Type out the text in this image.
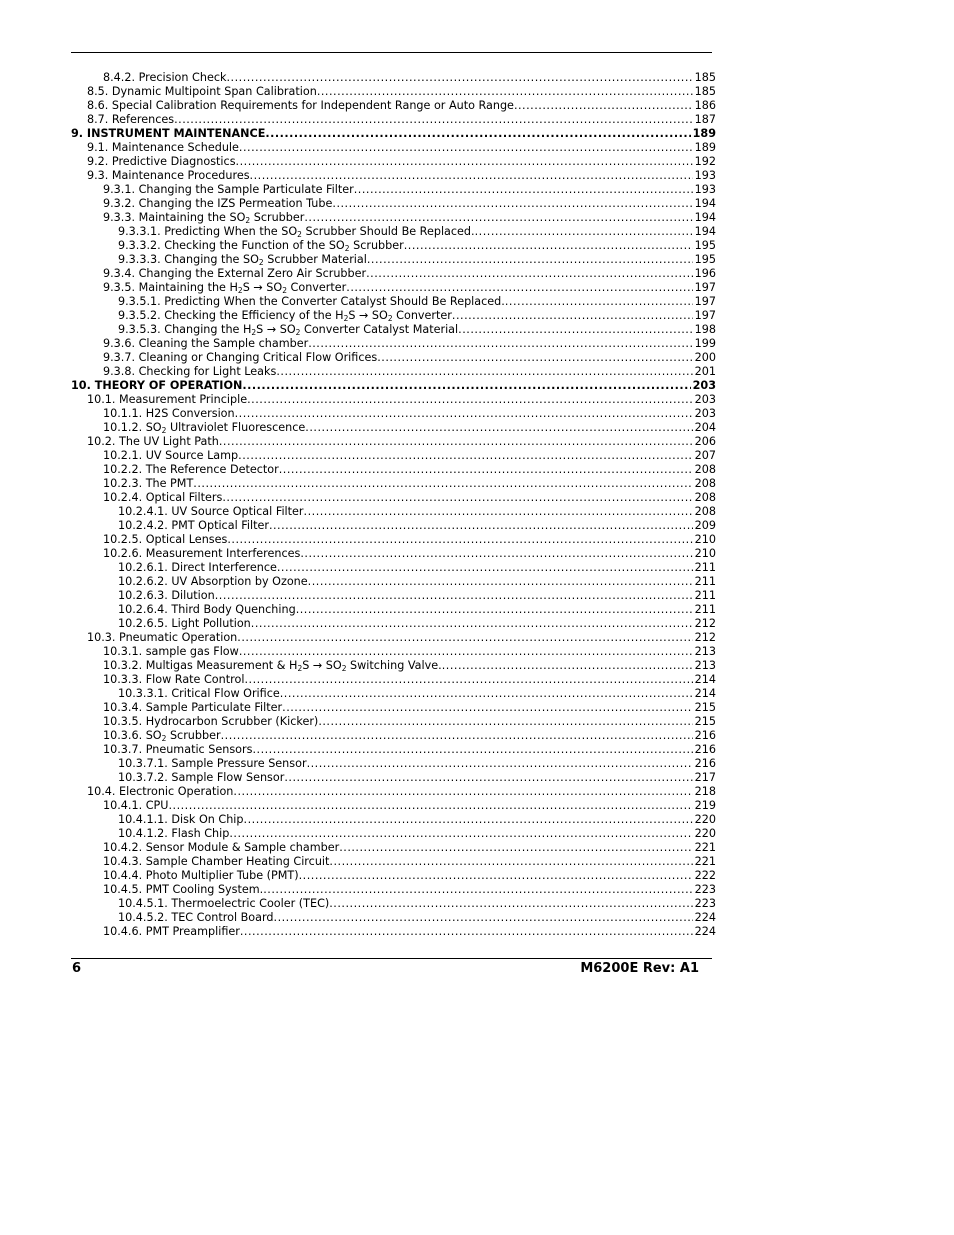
8.4.2. Precision Check .....	185
8.5. Dynamic Multipoint Span Calibration .....	185
8.6. Special Calibration Requirements for Independent Range or Auto Range .....	186
8.7. References .....	187
9. INSTRUMENT MAINTENANCE .....	189
9.1. Maintenance Schedule .....	189
9.2. Predictive Diagnostics .....	192
9.3. Maintenance Procedures .....	193
9.3.1. Changing the Sample Particulate Filter .....	193
9.3.2. Changing the IZS Permeation Tube .....	194
9.3.3. Maintaining the $SO_2$ Scrubber .....	194
9.3.3.1. Predicting When the $SO_2$ Scrubber Should Be Replaced. .....	194
9.3.3.2. Checking the Function of the $SO_2$ Scrubber .....	195
9.3.3.3. Changing the $SO_2$ Scrubber Material .....	195
9.3.4. Changing the External Zero Air Scrubber .....	196
9.3.5. Maintaining the $H_2S \to SO_2$ Converter .....	197
9.3.5.1. Predicting When the Converter Catalyst Should Be Replaced. .....	197
9.3.5.2. Checking the Efficiency of the $H_2S \to SO_2$ Converter .....	197
9.3.5.3. Changing the $H_2S \to SO_2$ Converter Catalyst Material .....	198
9.3.6. Cleaning the Sample chamber .....	199
9.3.7. Cleaning or Changing Critical Flow Orifices .....	200
9.3.8. Checking for Light Leaks .....	201
10. THEORY OF OPERATION .....	203
10.1. Measurement Principle .....	203
10.1.1. H2S Conversion .....	203
10.1.2. $SO_2$ Ultraviolet Fluorescence .....	204
10.2. The UV Light Path .....	206
10.2.1. UV Source Lamp .....	207
10.2.2. The Reference Detector .....	208
10.2.3. The PMT .....	208
10.2.4. Optical Filters .....	208
10.2.4.1. UV Source Optical Filter .....	208
10.2.4.2. PMT Optical Filter .....	209
10.2.5. Optical Lenses .....	210
10.2.6. Measurement Interferences .....	210
10.2.6.1. Direct Interference .....	211
10.2.6.2. UV Absorption by Ozone .....	211
10.2.6.3. Dilution .....	211
10.2.6.4. Third Body Quenching .....	211
10.2.6.5. Light Pollution .....	212
10.3. Pneumatic Operation .....	212
10.3.1. sample gas Flow .....	213
10.3.2. Multigas Measurement & $H_2S \to SO_2$ Switching Valve. .....	213
10.3.3. Flow Rate Control .....	214
10.3.3.1. Critical Flow Orifice .....	214
10.3.4. Sample Particulate Filter .....	215
10.3.5. Hydrocarbon Scrubber (Kicker) .....	215
10.3.6. $SO_2$ Scrubber .....	216
10.3.7. Pneumatic Sensors .....	216
10.3.7.1. Sample Pressure Sensor .....	216
10.3.7.2. Sample Flow Sensor .....	217
10.4. Electronic Operation .....	218
10.4.1. CPU .....	219
10.4.1.1. Disk On Chip .....	220
10.4.1.2. Flash Chip .....	220
10.4.2. Sensor Module & Sample chamber .....	221
10.4.3. Sample Chamber Heating Circuit .....	221
10.4.4. Photo Multiplier Tube (PMT) .....	222
10.4.5. PMT Cooling System. .....	223
10.4.5.1. Thermoelectric Cooler (TEC) .....	223
10.4.5.2. TEC Control Board .....	224
10.4.6. PMT Preamplifier .....	224
6	M6200E Rev: A1
